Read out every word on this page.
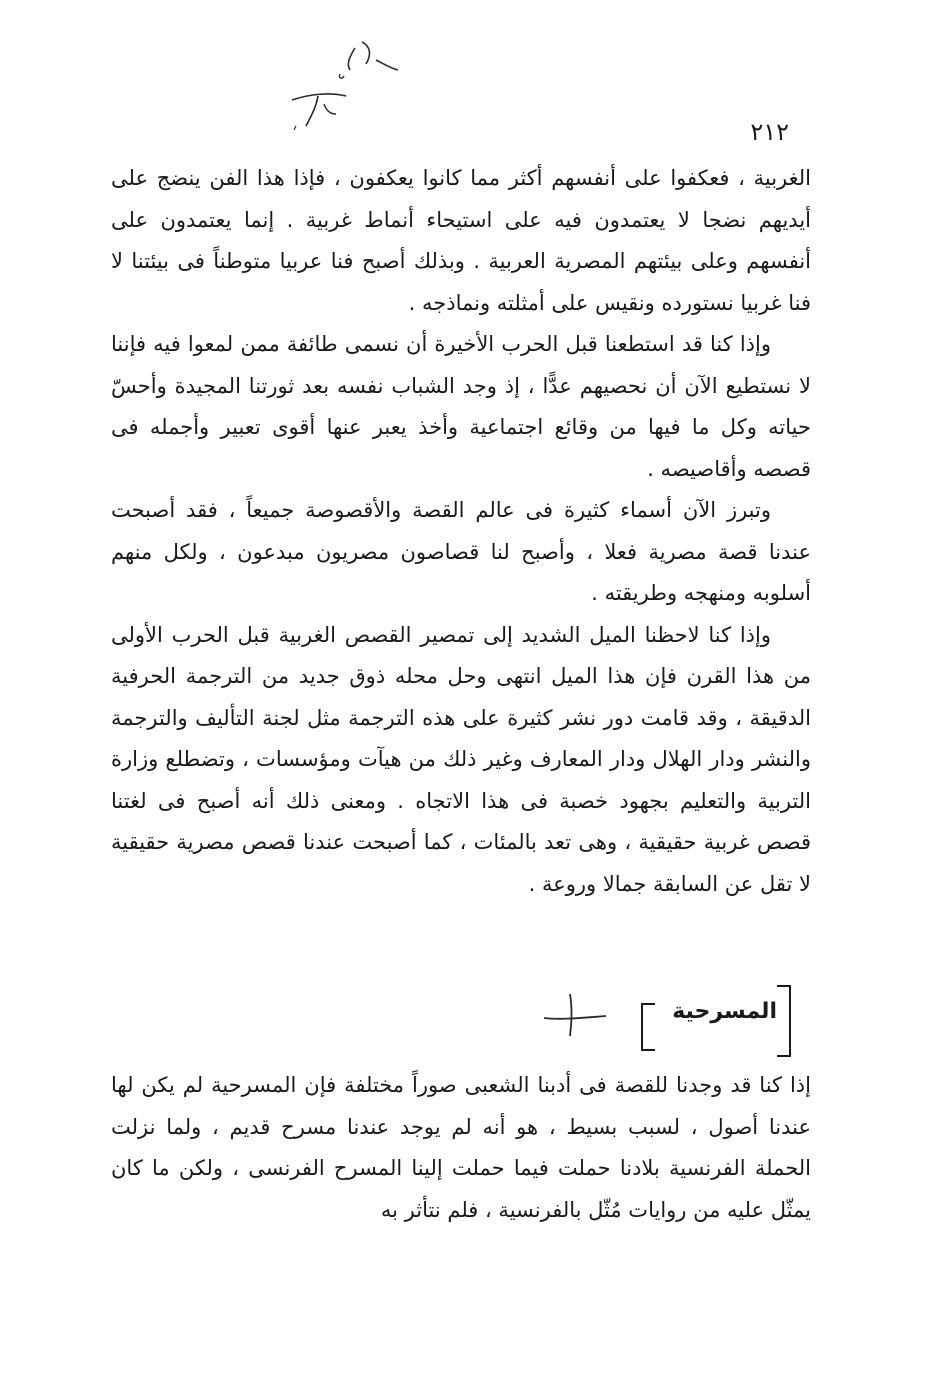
٢١٢

الغربية ، فعكفوا على أنفسهم أكثر مما كانوا يعكفون ، فإذا هذا الفن ينضج على أيديهم نضجا لا يعتمدون فيه على استيحاء أنماط غربية . إنما يعتمدون على أنفسهم وعلى بيئتهم المصرية العربية . وبذلك أصبح فنا عربيا متوطناً فى بيئتنا لا فنا غربيا نستورده ونقيس على أمثلته ونماذجه .

وإذا كنا قد استطعنا قبل الحرب الأخيرة أن نسمى طائفة ممن لمعوا فيه فإننا لا نستطيع الآن أن نحصيهم عدًّا ، إذ وجد الشباب نفسه بعد ثورتنا المجيدة وأحسّ حياته وكل ما فيها من وقائع اجتماعية وأخذ يعبر عنها أقوى تعبير وأجمله فى قصصه وأقاصيصه .

وتبرز الآن أسماء كثيرة فى عالم القصة والأقصوصة جميعاً ، فقد أصبحت عندنا قصة مصرية فعلا ، وأصبح لنا قصاصون مصريون مبدعون ، ولكل منهم أسلوبه ومنهجه وطريقته .

وإذا كنا لاحظنا الميل الشديد إلى تمصير القصص الغربية قبل الحرب الأولى من هذا القرن فإن هذا الميل انتهى وحل محله ذوق جديد من الترجمة الحرفية الدقيقة ، وقد قامت دور نشر كثيرة على هذه الترجمة مثل لجنة التأليف والترجمة والنشر ودار الهلال ودار المعارف وغير ذلك من هيآت ومؤسسات ، وتضطلع وزارة التربية والتعليم بجهود خصبة فى هذا الاتجاه . ومعنى ذلك أنه أصبح فى لغتنا قصص غربية حقيقية ، وهى تعد بالمئات ، كما أصبحت عندنا قصص مصرية حقيقية لا تقل عن السابقة جمالا وروعة .

المسرحية

إذا كنا قد وجدنا للقصة فى أدبنا الشعبى صوراً مختلفة فإن المسرحية لم يكن لها عندنا أصول ، لسبب بسيط ، هو أنه لم يوجد عندنا مسرح قديم ، ولما نزلت الحملة الفرنسية بلادنا حملت فيما حملت إلينا المسرح الفرنسى ، ولكن ما كان يمثّل عليه من روايات مُثّل بالفرنسية ، فلم نتأثر به
